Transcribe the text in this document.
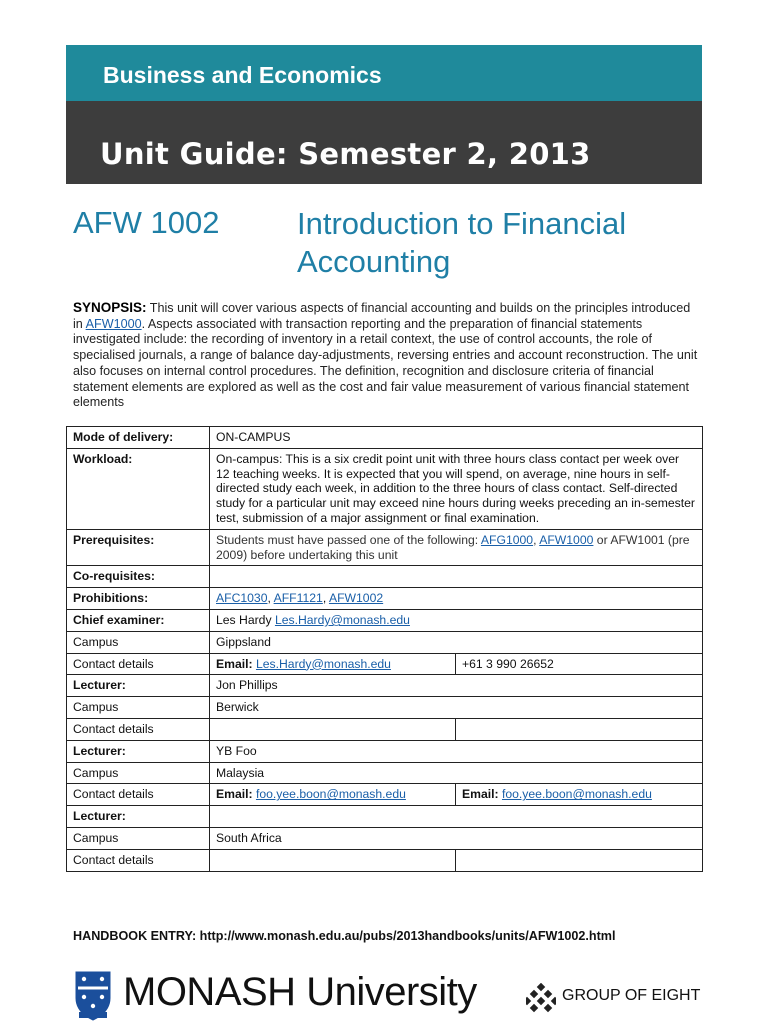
Business and Economics
Unit Guide: Semester 2, 2013
AFW 1002	Introduction to Financial Accounting
SYNOPSIS: This unit will cover various aspects of financial accounting and builds on the principles introduced in AFW1000. Aspects associated with transaction reporting and the preparation of financial statements investigated include: the recording of inventory in a retail context, the use of control accounts, the role of specialised journals, a range of balance day-adjustments, reversing entries and account reconstruction. The unit also focuses on internal control procedures. The definition, recognition and disclosure criteria of financial statement elements are explored as well as the cost and fair value measurement of various financial statement elements
Mode of delivery:	ON-CAMPUS	
Workload:	On-campus: This is a six credit point unit with three hours class contact per week over 12 teaching weeks. It is expected that you will spend, on average, nine hours in self-directed study each week, in addition to the three hours of class contact. Self-directed study for a particular unit may exceed nine hours during weeks preceding an in-semester test, submission of a major assignment or final examination.	
Prerequisites:	Students must have passed one of the following: AFG1000, AFW1000 or AFW1001 (pre 2009) before undertaking this unit	
Co-requisites:		
Prohibitions:	AFC1030, AFF1121, AFW1002	
Chief examiner:	Les Hardy Les.Hardy@monash.edu	
Campus	Gippsland	
Contact details	Email: Les.Hardy@monash.edu	+61 3 990 26652
Lecturer:	Jon Phillips	
Campus	Berwick	
Contact details		
Lecturer:	YB Foo	
Campus	Malaysia	
Contact details	Email: foo.yee.boon@monash.edu	Email: foo.yee.boon@monash.edu
Lecturer:		
Campus	South Africa	
Contact details		
HANDBOOK ENTRY: http://www.monash.edu.au/pubs/2013handbooks/units/AFW1002.html
MONASH University	GROUP OF EIGHT
